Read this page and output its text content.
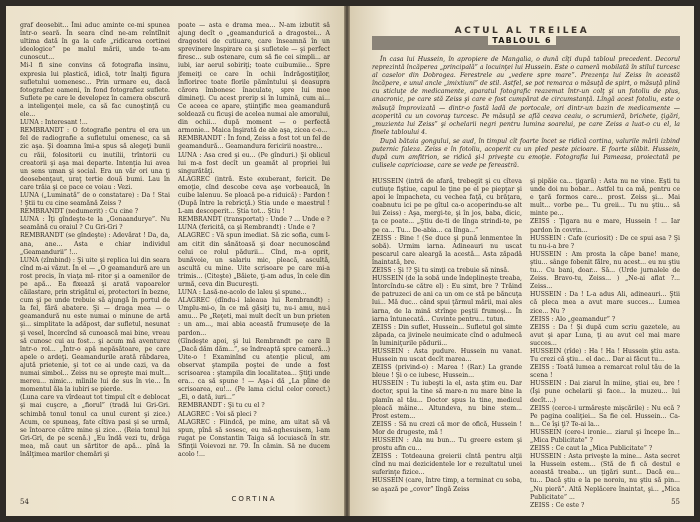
graf deosebit... Îmi aduc aminte ce-mi spunea într-o seară. În seara cînd ne-am reîntîlnit ultima dată în ga la cafe „ridicarea cortinei ideologice” pe malul mării, unde te-am cunoscut...

Mi-l fi sine convins că fotografia insinu, expresia lui plastică, idică, totr înalţi figura sufletului uomenesc... Prin urmare eu, dacă fotografiez oameni, în fond fotografiez suflete. Suflete pe care le developez în camera obscură a inteligenţei mele, ca să fac cunoştinţă cu ele...

LUNA : Interesant !...

REMBRANDT : O fotografie pentru el era un fel de radiografie a sufletului omenesc, ca să zic aşa. Şi doamna îmi-a spus să alegeţi bunii cu răii, folositorii cu inutilii, trîntorii cu creatorii şi aşa mai departe. Intenţia lui avea un sens uman şi social. Era un văr ori una ţi deosebenţaut, uraţ tertie două bumi. Lau în care trăia şi ce pace ce voiau : Vezi.

LUNA („Luminată” de o constatare) : Da ! Stai ! Ştii tu cu cine seamănă Zeiss ?

REMBRANDT (nedumerit) : Cu cine ?

LUNA : Îţi gîndeşte-te la „Gonaandurye”. Nu seamănă cu oraiul ? Cu Gri-Gri ?

REMBRANDT (se gîndeşte) : Adevărat ! Da, da, ana, ane... Asta e chiar individul „Geamandurii” !...

LUNA (zîmbind) : Şi uite şi replica lui din seara cînd m-ai văzut. În el — „O geamandură are un rost precis, în viaţa ml- ritor şi a oamenilor de pe apă... Ea fixează şi arată vapoarelor căilastare, prin strigătul ei, protectori în bezne, cum şi pe unde trebuie să ajungă în portul de la fel, fără abatere. Şi — draga mea — o geamandură nu este numai o minune de artă şi... simplitate la adăpost, dar sufletul, nesunat şi vesel, încercînd să cunoască mai bine, vreau să cunosc cui au fost... şi acum mă aventurez într-o rol... „Într-o apă nepăsătoare, pe care apele o ardeţi. Geamandurile arată răbdarea, ajută prietenie, şi tot ce ai unde cazi, va da numai simbol... Zeiss nu se opreşte mai mult... mereu... nimic... mîinile lui de sus în vie... În momentul ăla la iubiri se pierde.

(Luna care va vîrdeaut tot timpul cît e deblocat şi mai cuşcre, a „fiorul” (tradă lui Gri-Gri. schimbă tonul tonul ca unul curent şi zice.) Acum, ce spuneaş, fate cîtiva pasi şi se urmă, se întoarce către mine şi zice... (Reia tonul lui Gri-Gri, de pe scenă.) „Eu îndă vezi tu, drăga mea, mă caut un sărtitor de apă... pînă la înălţimea marilor chemări şi

poate — asta e drama mea... N-am izbutit să ajung decît o „geamandurică a dragostei... A dragostei de cutiuare, care înseamnă în un sprevinere înspirare ca şi sufletele — şi perfect firesc... sub ostenare, cum să fie cei simpli... ar iubi, iar aerul sobiriţi; toate cuibumiie... Spre jfemeiţi ce care în ochii îndrăgostiţilor, înflorirec toate florile pămîntului şi deasupra cărora îmbonesc înaculate, spre lui moe dimineţi. Cu acest prerip si în lumină, cum ai... Ce aceea ce apare, ştiinţific mea geamandură soldează cu ficuşi de acelea numai ale amorului, din ochii... după moment — o perfectă armonie... Maica înşirată de ale aşa, zicea c-o...

REMBRANDT : În fond, Zeiss a fost tot un fel de geamandură... Geamandura fericirii noastre...

LUNA : Asa cred şi eu... (Pe gînduri.) Şi oblicul lui m-a fost decît un geamăt al propriei lui singurătăţi.

ALAGREC (intră. Este exuberant, fericit. De emoţie, cînd descobe ceva aşe vorbeaucă, în cuibe lalenuu. Se ploacă pe-a riduică) : Pardon ! (După între la rebricţă.) Stia unde e maestrul ! L-am descoperit... Ştia tot... Ştiu !

REMBRANDT (transportat) : Unde ? ... Unde e ?

LUNA (fericită, ca şi Rembrandt) : Unde e ?

ALAGREC : Vă spun imediat. Să zic sofia, cum l-am citit din sănătoasă şi doar necunoscând celui ce rolul pădurii... Cînd, m-a oprit, bunăvoie, un salariu mic, pleacă, ascultă, ascultă cu mine. Uite scrisoare pe care mi-a trimis... (Citeşte) „Băiete, ţi-am adus, în cele din urmă, ceva din Bucureşti.

LUNA : Lasă-ne-acolo de laleu şi spune...

ALAGREC (dîndu-i laleaua lui Rembrandt) : Umplu-mi-o, în ce mă găsiţi tu, nu-i amu, nu-i amu... Pe „Reţeti, mai mult decît un bun prieten : un am..., mai abia această frumuseţe de la pardon...

(Gîndeşte apoi, şi lui Rembrandt pe care îl „Dacă dăm dăm...”, se îndreaptă spre cameră...) Uite-o ! Examinînd cu atenţie plicul, am observat ştampila poştei de unde a fost scrisoarea : ştampila din localitatea... Ştiţi unde era... ca să spune ! — Aşa-i dă „La pîine de scrisoarea, eu!... (Pe lama ciclul celor corect.) „Ei, o dată, iuri...”

REMBRANDT : Şi tu cu el ?

ALAGREC : Voi să pleci ?

ALAGREC : Fiindcă, pe mine, am uitat să vă spun, pînă să sosesc, eu mă-nghesuisem, l-am rugat pe Constantin Taiga să locuiască în str. Sfinţii Voievozi nr. 79. În cămin. Să ne ducem acolo !...

CORTINA
54
ACTUL AL TREILEA
TABLOUL 6

În casa lui Hussein, în apropiere de Mangalia, o dună cîţi după tabloul precedent. Decorul reprezintă încăperea „principală” a locuinţei lui Hussein. Este o cameră mobilată în stilul turcesc al caselor din Dobrogea. Ferestrele au „vedere spre mare”. Prezenţa lui Zeiss în această încăpere, e unul ancle „imixtiuni” de stil. Astfel, se pot remarca o măsuţă de spirt, o măsuţă plină cu sticluţe de medicamente, aparatul fotografic reazemat într-un colţ şi un fotoliu de plus, anacronic, pe care stă Zeiss şi care e fost cumpărat de circumstanţă. Lîngă acest fotoliu, este o măsuţă împrovizată — dintr-o fostă ladă de portocale, ori dintr-un bazin de medicamente — acoperită cu un covoraş turcesc. Pe măsuţă se află ceava ceaiu, o scrumieră, brichete, ţigări, „muzienta lui Zeiss” şi ochelarii negri pentru lumina soarelui, pe care Zeiss a luat-o cu el, la finele tabloului 4.

După bătaia gongului, se aud, în timpul cît foarte încet se ridică cortina, valurile mării izbind puternic faleza. Zeiss e în fotoliu, acoperit cu un pled peste picioare. E foarte slăbit. Hussein, după cum amfitrion, se ridică şi-l priveşte cu emoţie. Fotografia lui Pameasa, proiectată pe culisele capricioase, care se vede pe fereastră.

HUSSEIN (intră de afară, trebegit şi cu cîteva cutiuţe fiştiue, capul le ţine pe el pe piepţar şi apoi le împacheta, cu vechea faţă, cu brăţara, coabnutu ici pe pe gîtul ca-o acoperindu-se alt lui Zeiss) : Aşa, mergi-te, şi în jos, baba, dicic, ţa ce poate... „Ştiu de-ti de lînga strindi-te, pe pe ca... Tu... De-abia... ca lînga...”

ZEISS : Bine ! (Se duce şi pună lenmentee în sobă). Urmim iarna. Adineauri nu uscat pescarul care aleargă la acestă... Asta zăpadă înaintată, bre.

ZEISS : Şi !? Şi tu simţi ca trebuie să ninsă.

HUSSEIN (de la sobă unde îndeplinește treaba, întorcîndu-se către el) : Eu simt, bre ? Trăind de patruzeci de ani ca un om ce stă pe băncuţa lui... Mă duc... când spui ţărmul mării, mai ales iarna, de la mină strînge peştii frumoşi... În iarna întunecată... Cuvinte pentru... tutun.

ZEISS : Din suflet, Hussein... Sufletul gol simte zăpada, ca jivinele neuimicate cînd o adulmecă în luminiţurile pădurii...

HUSSEIN : Asta pudure. Hussein nu vanat. Hussein nu uscat decît marea...

ZEISS (privind-o) : Marea ! (Rar.) La grande bleue ! Şi o ce iubesc, Hussein...

HUSSEIN : Tu iubeşti la el, asta ştim eu. Dar doctor, spui la tine să mare-n nu mare bine la plamîn al tău... Doctor spus la tine, medicul pleacă mâine... Altundeva, nu bine stem... Prost estem...

ZEISS : Să nu crezi că mor de ofică, Hussein ! Mor de drugeste, mă !

HUSSEIN : Ala nu bun... Tu greere estem şi prostu afin cu...

ZEISS : Totdeauna greierii cîntă pentru alţii cînd nu mai dezicidentele lor e rezultatul unei suferinţe fizice...

HUSSEIN (care, între timp, a terminat cu soba, se aşază pe „covor” lîngă Zeiss

şi pipăie ca... ţigară) : Asta nu ne vine. Eşti tu unde doi nu bobar... Astfel tu ca mă, pentru ce e ţară formos care... prost. Zeiss şi... Mai mult... vorbe pe... Tu greii... Tu nu ştiu... să minte pe...

ZEISS : Ţigara nu e mare, Hussein ! ... Iar pardon în covrin...

HUSSEIN : Cafe (curiosit) : De ce spui asa ? Şi tu nu-i-a bre ?

HUSSEIN : Am prosta la căpe bane! mane, ştiu... sânge fobenit fălre, nu acest... eu nu ştiu tu... Cu bani, doar... Să... (Urde jurnalele de Zeiss. Bravo-tu, Zeiss... ) „Ne-ai aflat ?... Zeiss...

HUSSEIN : Da ! L-a adus Ali, adineauri... Ştii că pleca mea a avut mare succes... Lumea zice... Nu ?

ZEISS : Alo „geamandur” ?

ZEISS : Da ! Şi după cum scriu gazetele, au avut şi apar Luna, ţi au avut cel mai mare succes...

HUSSEIN (rîde) : Ha ! Ha ! Hussein ştiu asta. Tu crezi că ştiu... el dac... Dar ai făcut tu...

ZEISS : Toată lumea a remarcat rolul tău de la scena !

HUSSEIN : Dai ziarul în miine, ştiai eu, bre ! (Îşi pune ochelarii şi face... la muzeu... lui decît....)

ZEISS (cerce-i urmărește mișcările) : Nu ecă ? Pe pagina coaliţiei... Sa fie cel. Hussein... Ca-n... Ce îşi ţi? Te-ai la...

HUSSEIN (cere-i ironie... ziarul şi începe în... „Mica Publicitate” ?

ZEISS : Ce caut la „Mica Publicitate” ?

HUSSEIN : Asta priveşte la mine... Asta secret la Hussein estem... (Stă de fi că destul e această treaba... un ţigări sunt... Dacă eu... tu... Dacă ştiu e la pe noroiu, nu ştiu să pin... „Nu pieră”. Altă Neplăcere înaintat, şi... „Mica Publicitate” ...

ZEISS : Ce este ?	55
